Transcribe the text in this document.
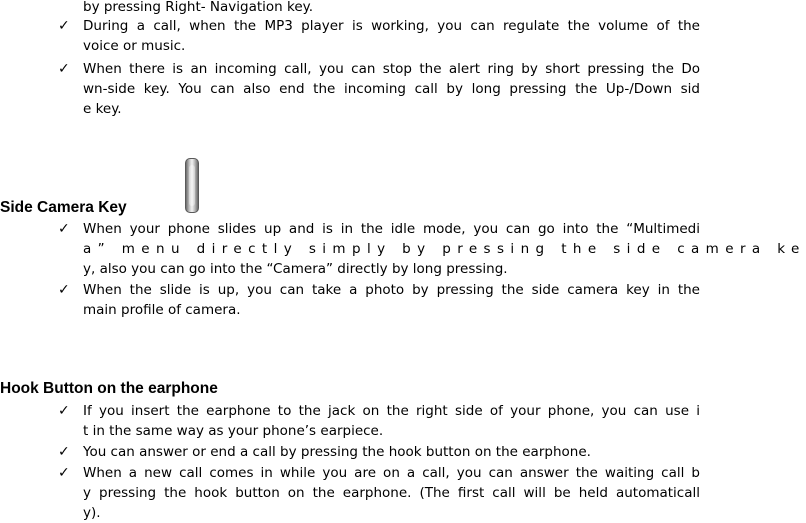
by pressing Right- Navigation key.
✓ During a call, when the MP3 player is working, you can regulate the volume of the
voice or music.
✓ When there is an incoming call, you can stop the alert ring by short pressing the Do
wn-side key. You can also end the incoming call by long pressing the Up-/Down sid
e key.
Side Camera Key
✓ When your phone slides up and is in the idle mode, you can go into the “Multimedi
a” menu directly simply by pressing the side camera ke
y, also you can go into the “Camera” directly by long pressing.
✓ When the slide is up, you can take a photo by pressing the side camera key in the
main profile of camera.
Hook Button on the earphone
✓ If you insert the earphone to the jack on the right side of your phone, you can use i
t in the same way as your phone’s earpiece.
✓ You can answer or end a call by pressing the hook button on the earphone.
✓ When a new call comes in while you are on a call, you can answer the waiting call b
y pressing the hook button on the earphone. (The first call will be held automaticall
y).
